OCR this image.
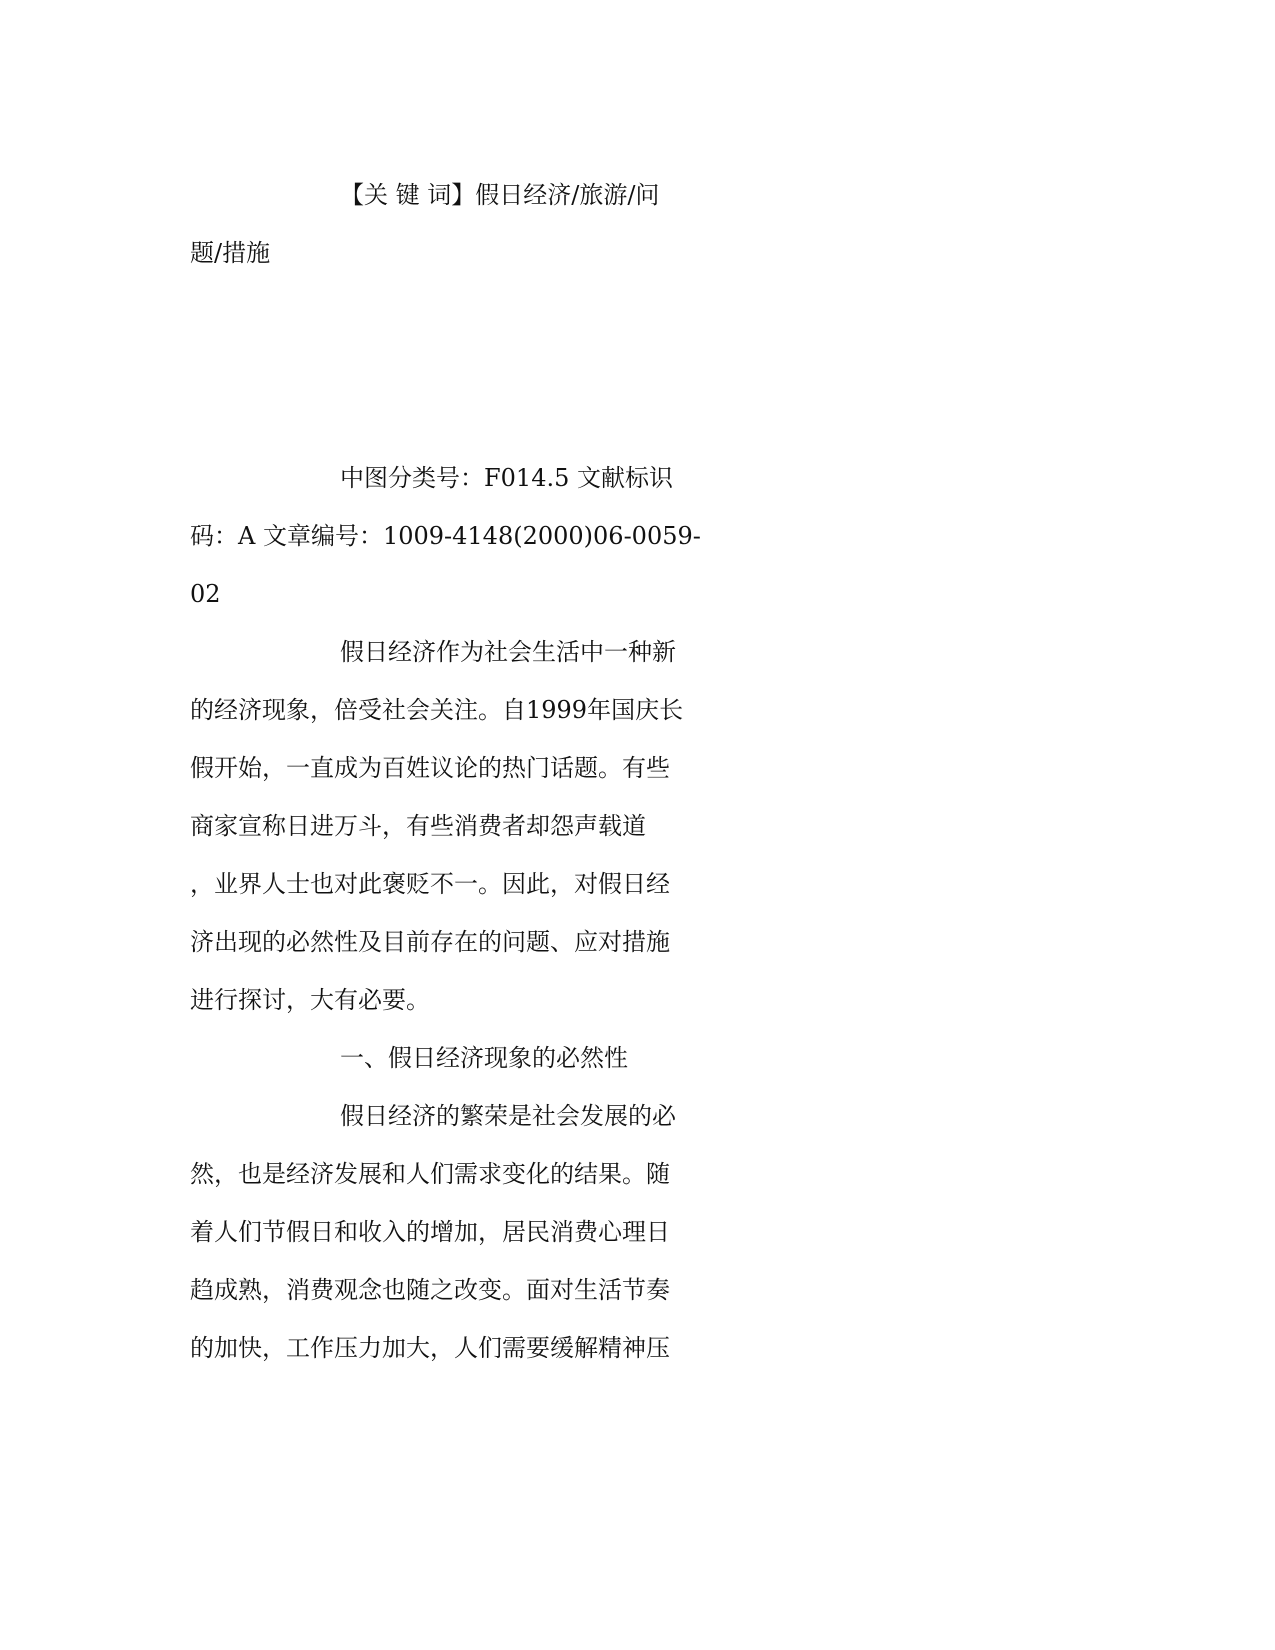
【关 键 词】假日经济/旅游/问
题/措施
中图分类号：F014.5 文献标识
码：A 文章编号：1009-4148(2000)06-0059-
02
假日经济作为社会生活中一种新
的经济现象，倍受社会关注。自1999年国庆长
假开始，一直成为百姓议论的热门话题。有些
商家宣称日进万斗，有些消费者却怨声载道
，业界人士也对此褒贬不一。因此，对假日经
济出现的必然性及目前存在的问题、应对措施
进行探讨，大有必要。
一、假日经济现象的必然性
假日经济的繁荣是社会发展的必
然，也是经济发展和人们需求变化的结果。随
着人们节假日和收入的增加，居民消费心理日
趋成熟，消费观念也随之改变。面对生活节奏
的加快，工作压力加大，人们需要缓解精神压
